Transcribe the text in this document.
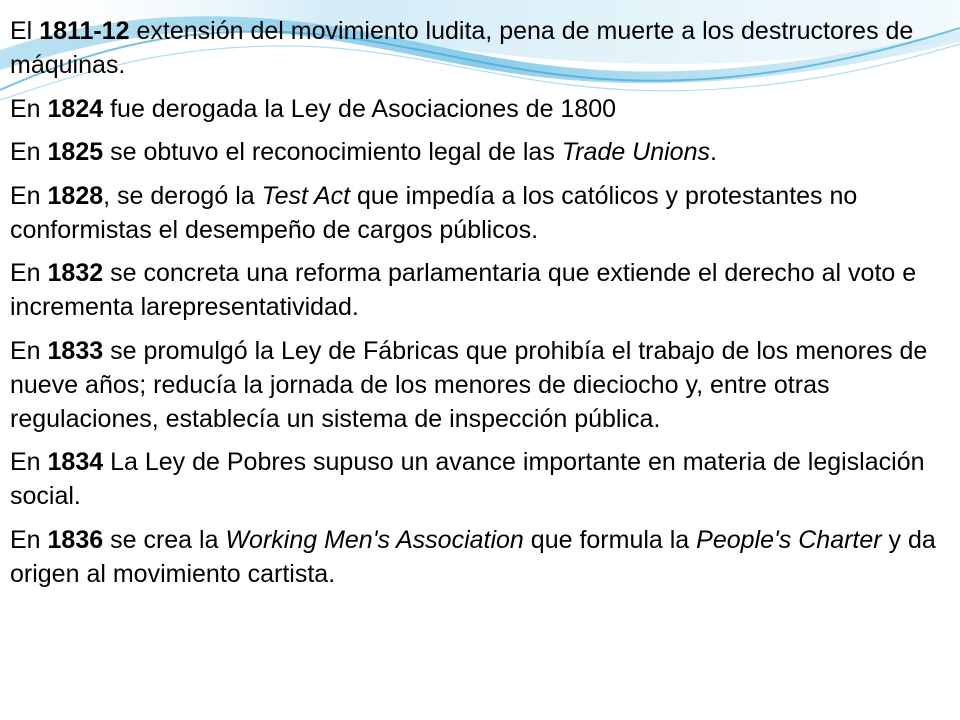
El 1811-12 extensión del movimiento ludita, pena de muerte a los destructores de máquinas.

En 1824 fue derogada la Ley de Asociaciones de 1800

En 1825 se obtuvo el reconocimiento legal de las Trade Unions.

En 1828, se derogó la Test Act que impedía a los católicos y protestantes no conformistas el desempeño de cargos públicos.

En 1832 se concreta una reforma parlamentaria que extiende el derecho al voto e incrementa larepresentatividad.

En 1833 se promulgó la Ley de Fábricas que prohibía el trabajo de los menores de nueve años; reducía la jornada de los menores de dieciocho y, entre otras regulaciones, establecía un sistema de inspección pública.

En 1834 La Ley de Pobres supuso un avance importante en materia de legislación social.

En 1836 se crea la Working Men's Association que formula la People's Charter y da origen al movimiento cartista.
